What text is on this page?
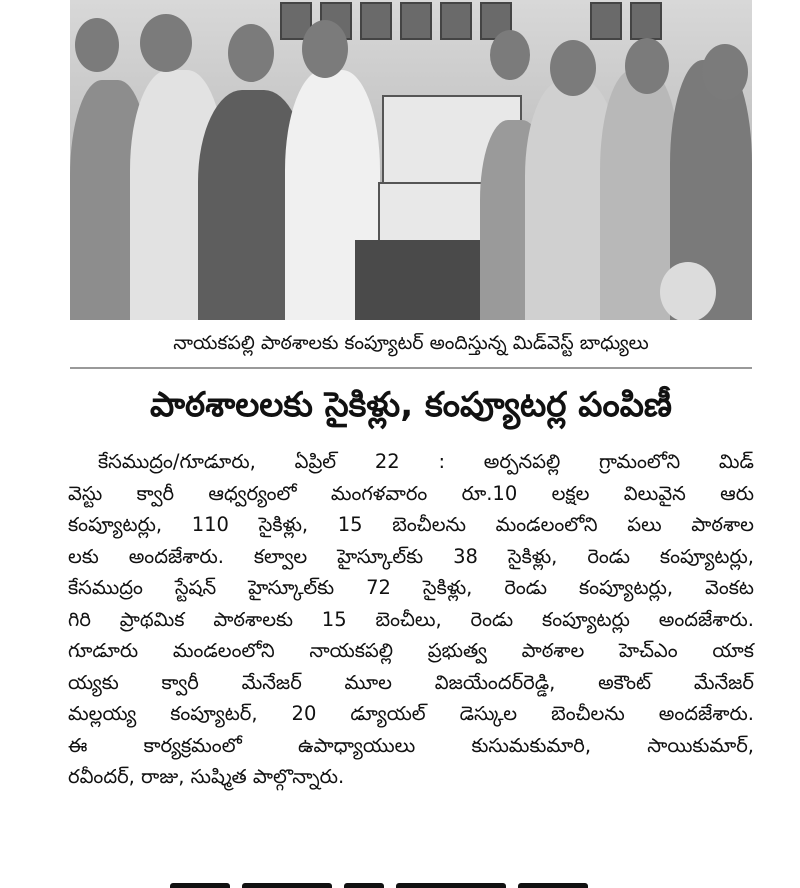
నాయకపల్లి పాఠశాలకు కంప్యూటర్ అందిస్తున్న మిడ్‌వెస్ట్ బాధ్యులు
పాఠశాలలకు సైకిళ్లు, కంప్యూటర్ల పంపిణీ
కేసముద్రం/గూడూరు, ఏప్రిల్ 22 : అర్పనపల్లి గ్రామంలోని మిడ్
వెస్టు క్వారీ ఆధ్వర్యంలో మంగళవారం రూ.10 లక్షల విలువైన ఆరు
కంప్యూటర్లు, 110 సైకిళ్లు, 15 బెంచీలను మండలంలోని పలు పాఠశాల
లకు అందజేశారు. కల్వాల హైస్కూల్‌కు 38 సైకిళ్లు, రెండు కంప్యూటర్లు,
కేసముద్రం స్టేషన్ హైస్కూల్‌కు 72 సైకిళ్లు, రెండు కంప్యూటర్లు, వెంకట
గిరి ప్రాథమిక పాఠశాలకు 15 బెంచీలు, రెండు కంప్యూటర్లు అందజేశారు.
గూడూరు మండలంలోని నాయకపల్లి ప్రభుత్వ పాఠశాల హెచ్‌ఎం యాక
య్యకు క్వారీ మేనేజర్ మూల విజయేందర్‌రెడ్డి, అకౌంట్ మేనేజర్
మల్లయ్య కంప్యూటర్, 20 డ్యూయల్ డెస్కుల బెంచీలను అందజేశారు.
ఈ కార్యక్రమంలో ఉపాధ్యాయులు కుసుమకుమారి, సాయికుమార్,
రవీందర్, రాజు, సుష్మిత పాల్గొన్నారు.
